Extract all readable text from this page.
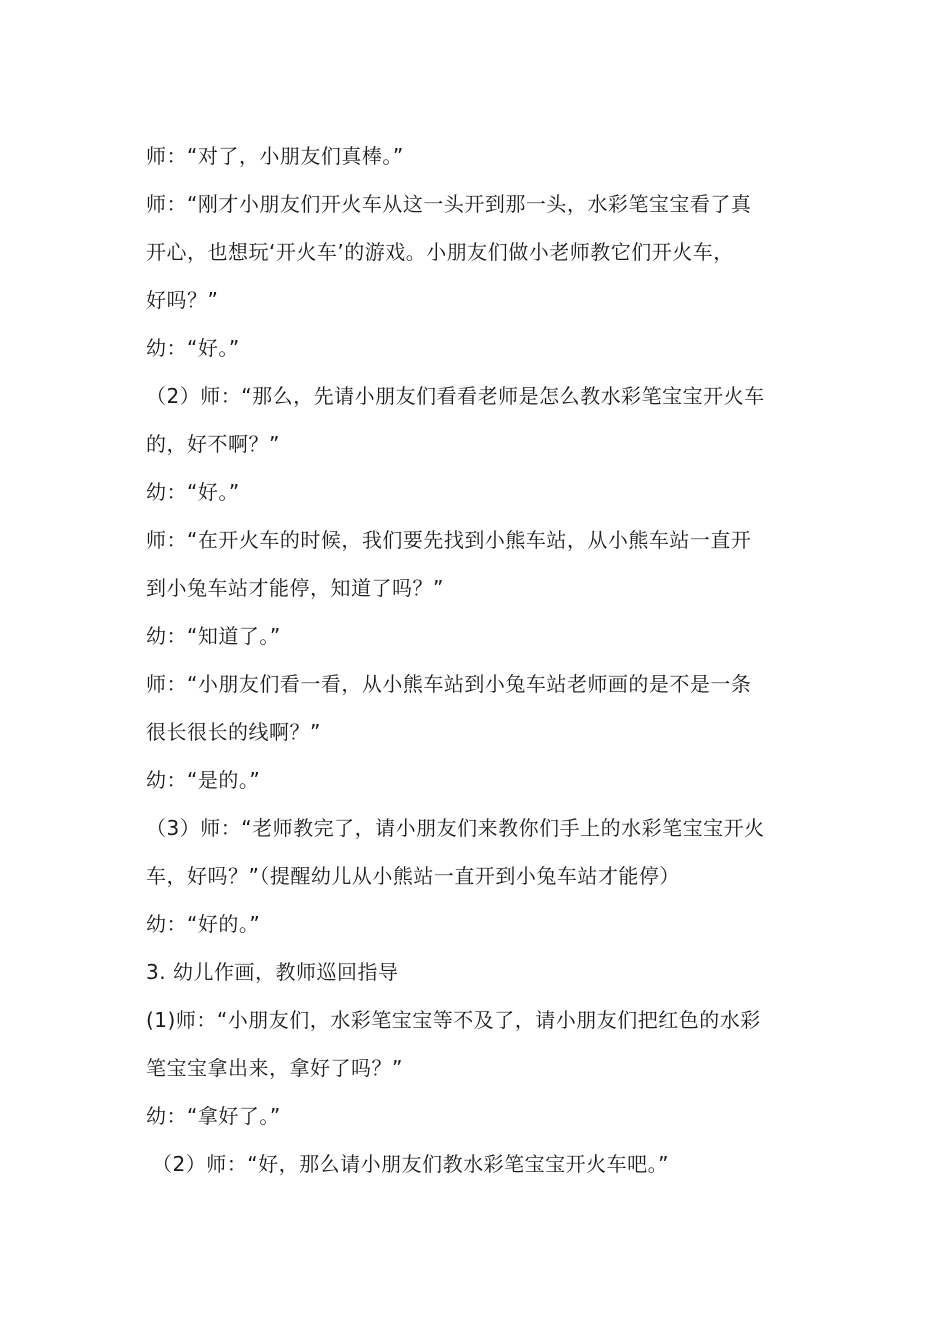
师：“对了，小朋友们真棒。”
师：“刚才小朋友们开火车从这一头开到那一头，水彩笔宝宝看了真
开心，也想玩‘开火车’的游戏。小朋友们做小老师教它们开火车，
好吗？”
幼：“好。”
（2）师：“那么，先请小朋友们看看老师是怎么教水彩笔宝宝开火车
的，好不啊？”
幼：“好。”
师：“在开火车的时候，我们要先找到小熊车站，从小熊车站一直开
到小兔车站才能停，知道了吗？”
幼：“知道了。”
师：“小朋友们看一看，从小熊车站到小兔车站老师画的是不是一条
很长很长的线啊？”
幼：“是的。”
（3）师：“老师教完了，请小朋友们来教你们手上的水彩笔宝宝开火
车，好吗？”（提醒幼儿从小熊站一直开到小兔车站才能停）
幼：“好的。”
3. 幼儿作画，教师巡回指导
(1)师：“小朋友们，水彩笔宝宝等不及了，请小朋友们把红色的水彩
笔宝宝拿出来，拿好了吗？”
幼：“拿好了。”
（2）师：“好，那么请小朋友们教水彩笔宝宝开火车吧。”
